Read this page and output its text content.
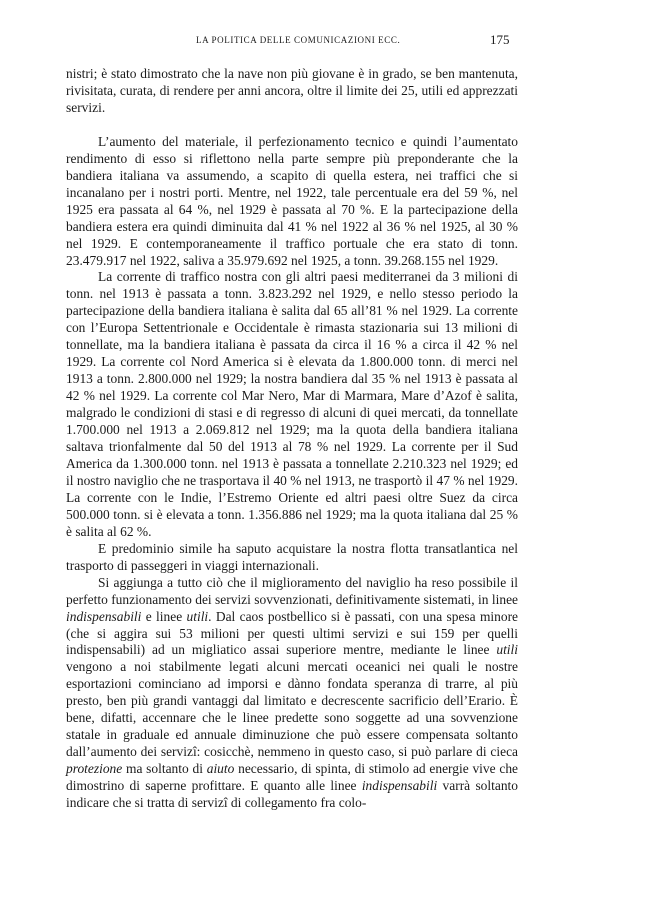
LA POLITICA DELLE COMUNICAZIONI ECC.	175

nistri; è stato dimostrato che la nave non più giovane è in grado, se ben mantenuta, rivisitata, curata, di rendere per anni ancora, oltre il limite dei 25, utili ed apprezzati servizi.

L’aumento del materiale, il perfezionamento tecnico e quindi l’aumentato rendimento di esso si riflettono nella parte sempre più preponderante che la bandiera italiana va assumendo, a scapito di quella estera, nei traffici che si incanalano per i nostri porti. Mentre, nel 1922, tale percentuale era del 59 %, nel 1925 era passata al 64 %, nel 1929 è passata al 70 %. E la partecipazione della bandiera estera era quindi diminuita dal 41 % nel 1922 al 36 % nel 1925, al 30 % nel 1929. E contemporaneamente il traffico portuale che era stato di tonn. 23.479.917 nel 1922, saliva a 35.979.692 nel 1925, a tonn. 39.268.155 nel 1929.

La corrente di traffico nostra con gli altri paesi mediterranei da 3 milioni di tonn. nel 1913 è passata a tonn. 3.823.292 nel 1929, e nello stesso periodo la partecipazione della bandiera italiana è salita dal 65 all’81 % nel 1929. La corrente con l’Europa Settentrionale e Occidentale è rimasta stazionaria sui 13 milioni di tonnellate, ma la bandiera italiana è passata da circa il 16 % a circa il 42 % nel 1929. La corrente col Nord America si è elevata da 1.800.000 tonn. di merci nel 1913 a tonn. 2.800.000 nel 1929; la nostra bandiera dal 35 % nel 1913 è passata al 42 % nel 1929. La corrente col Mar Nero, Mar di Marmara, Mare d’Azof è salita, malgrado le condizioni di stasi e di regresso di alcuni di quei mercati, da tonnellate 1.700.000 nel 1913 a 2.069.812 nel 1929; ma la quota della bandiera italiana saltava trionfalmente dal 50 del 1913 al 78 % nel 1929. La corrente per il Sud America da 1.300.000 tonn. nel 1913 è passata a tonnellate 2.210.323 nel 1929; ed il nostro naviglio che ne trasportava il 40 % nel 1913, ne trasportò il 47 % nel 1929. La corrente con le Indie, l’Estremo Oriente ed altri paesi oltre Suez da circa 500.000 tonn. si è elevata a tonn. 1.356.886 nel 1929; ma la quota italiana dal 25 % è salita al 62 %.

E predominio simile ha saputo acquistare la nostra flotta transatlantica nel trasporto di passeggeri in viaggi internazionali.

Si aggiunga a tutto ciò che il miglioramento del naviglio ha reso possibile il perfetto funzionamento dei servizi sovvenzionati, definitivamente sistemati, in linee indispensabili e linee utili. Dal caos postbellico si è passati, con una spesa minore (che si aggira sui 53 milioni per questi ultimi servizi e sui 159 per quelli indispensabili) ad un migliatico assai superiore mentre, mediante le linee utili vengono a noi stabilmente legati alcuni mercati oceanici nei quali le nostre esportazioni cominciano ad imporsi e dànno fondata speranza di trarre, al più presto, ben più grandi vantaggi dal limitato e decrescente sacrificio dell’Erario. È bene, difatti, accennare che le linee predette sono soggette ad una sovvenzione statale in graduale ed annuale diminuzione che può essere compensata soltanto dall’aumento dei servizî: cosicchè, nemmeno in questo caso, si può parlare di cieca protezione ma soltanto di aiuto necessario, di spinta, di stimolo ad energie vive che dimostrino di saperne profittare. E quanto alle linee indispensabili varrà soltanto indicare che si tratta di servizî di collegamento fra colo-
